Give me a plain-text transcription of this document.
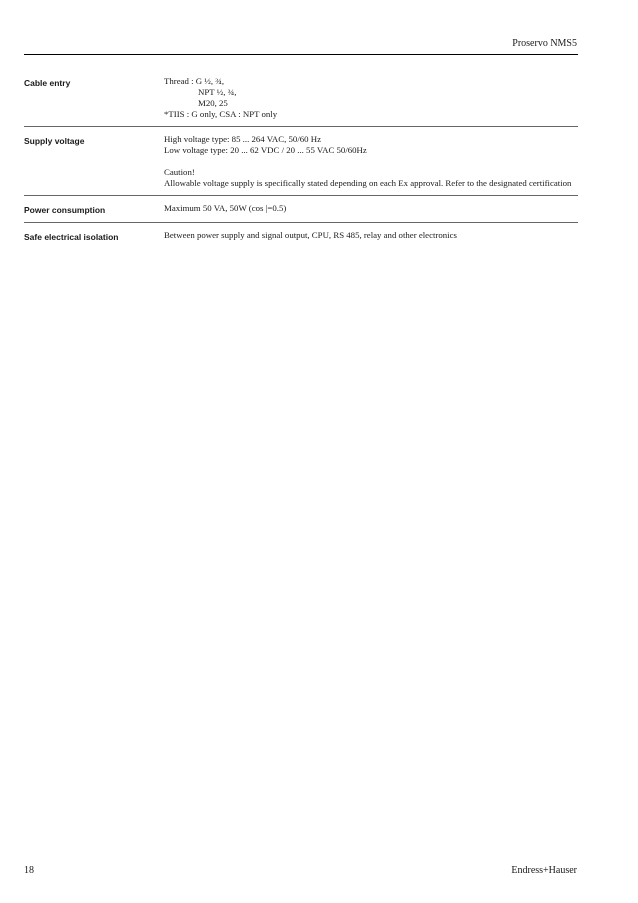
Proservo NMS5
Cable entry	Thread : G ½, ¾,
NPT ½, ¾,
M20, 25
*TIIS : G only, CSA : NPT only
Supply voltage	High voltage type: 85 ... 264 VAC, 50/60 Hz
Low voltage type: 20 ... 62 VDC / 20 ... 55 VAC 50/60Hz
Caution!
Allowable voltage supply is specifically stated depending on each Ex approval. Refer to the designated certification
Power consumption	Maximum 50 VA, 50W (cos |=0.5)
Safe electrical isolation	Between power supply and signal output, CPU, RS 485, relay and other electronics
18	Endress+Hauser
